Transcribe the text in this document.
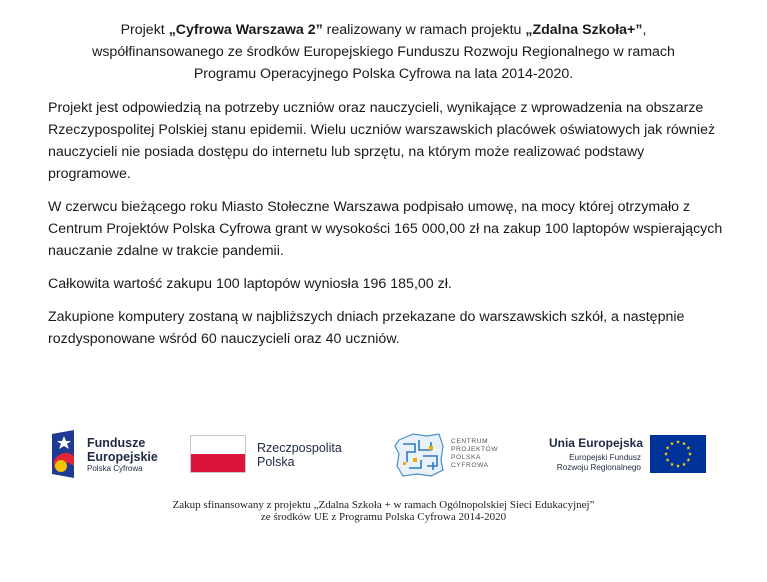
Projekt „Cyfrowa Warszawa 2” realizowany w ramach projektu „Zdalna Szkoła+”,
współfinansowanego ze środków Europejskiego Funduszu Rozwoju Regionalnego w ramach
Programu Operacyjnego Polska Cyfrowa na lata 2014-2020.

Projekt jest odpowiedzią na potrzeby uczniów oraz nauczycieli, wynikające z wprowadzenia na obszarze Rzeczypospolitej Polskiej stanu epidemii. Wielu uczniów warszawskich placówek oświatowych jak również nauczycieli nie posiada dostępu do internetu lub sprzętu, na którym może realizować podstawy programowe.

W czerwcu bieżącego roku Miasto Stołeczne Warszawa podpisało umowę, na mocy której otrzymało z Centrum Projektów Polska Cyfrowa grant w wysokości 165 000,00 zł na zakup 100 laptopów wspierających nauczanie zdalne w trakcie pandemii.

Całkowita wartość zakupu 100 laptopów wyniosła 196 185,00 zł.

Zakupione komputery zostaną w najbliższych dniach przekazane do warszawskich szkół, a następnie rozdysponowane wśród 60 nauczycieli oraz 40 uczniów.

Fundusze
Europejskie
Polska Cyfrowa
Rzeczpospolita
Polska
CENTRUM
PROJEKTÓW
POLSKA
CYFROWA
Unia Europejska
Europejski Fundusz
Rozwoju Regionalnego
Zakup sfinansowany z projektu „Zdalna Szkoła + w ramach Ogólnopolskiej Sieci Edukacyjnej”
ze środków UE z Programu Polska Cyfrowa 2014-2020
